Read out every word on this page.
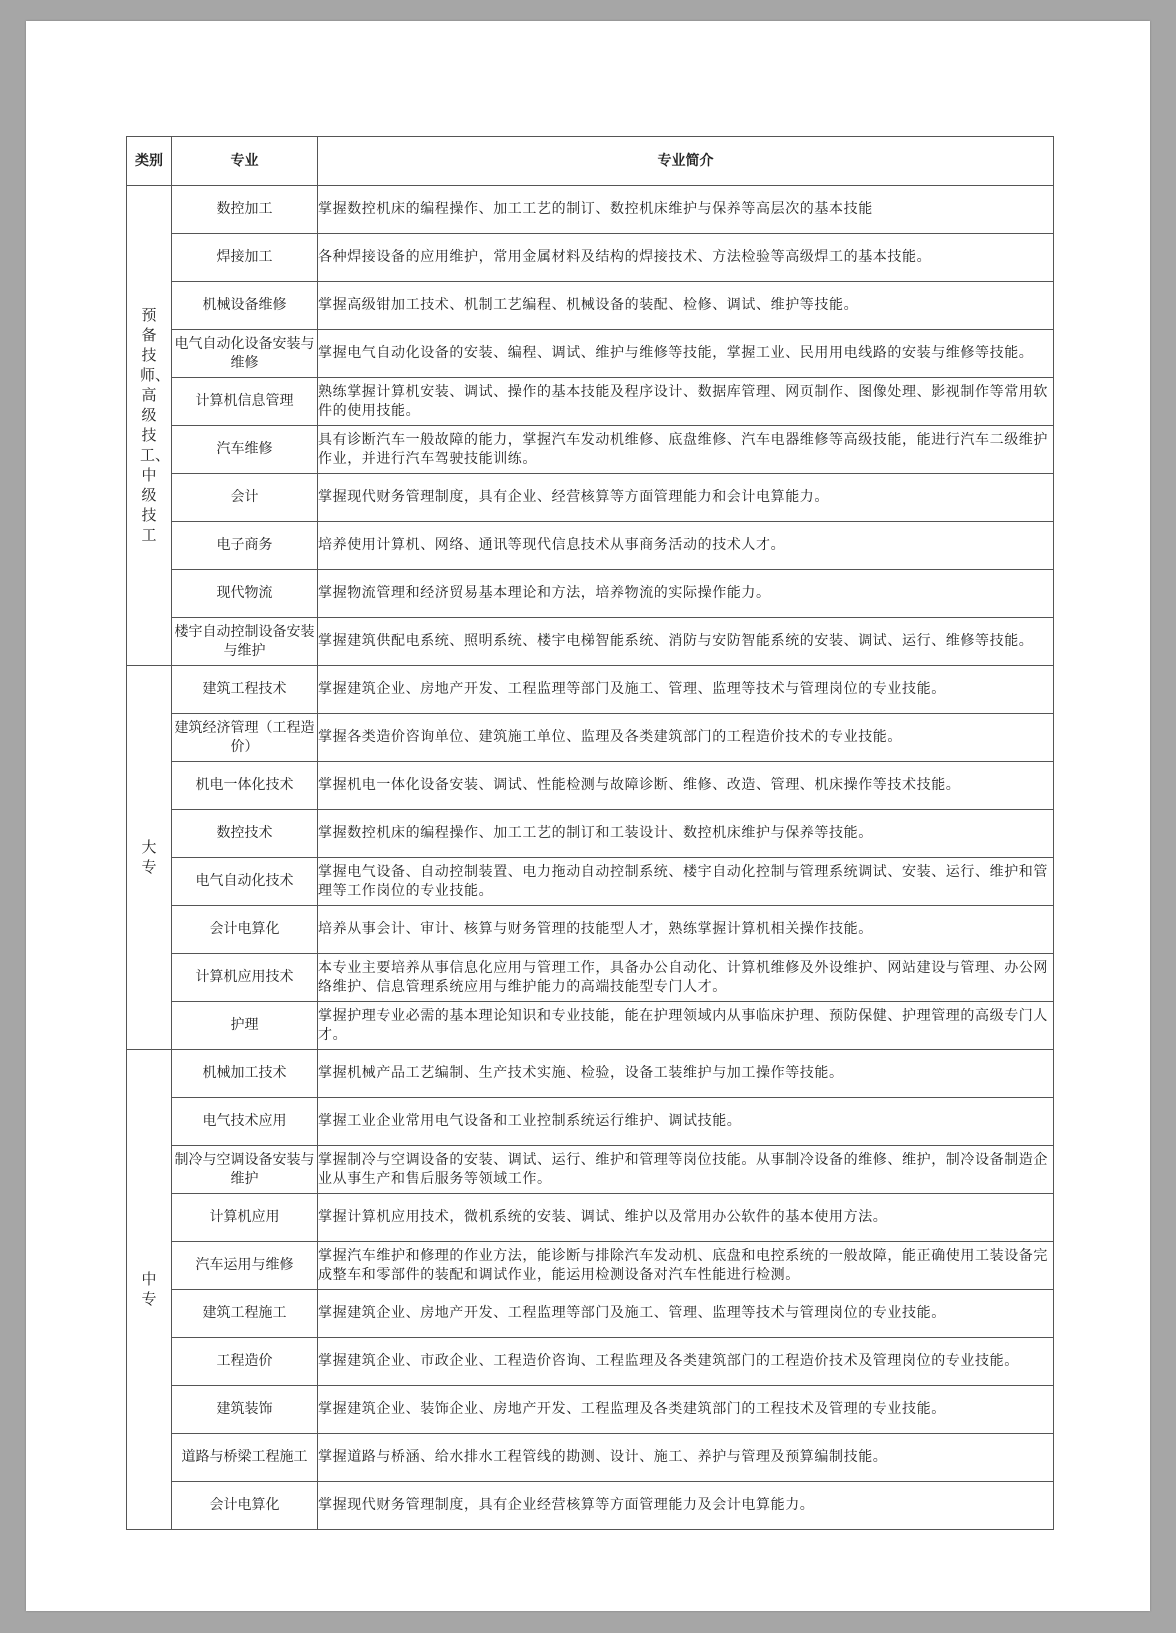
类别	专业	专业简介
预备技师、高级技工、中级技工	数控加工	掌握数控机床的编程操作、加工工艺的制订、数控机床维护与保养等高层次的基本技能
	焊接加工	各种焊接设备的应用维护，常用金属材料及结构的焊接技术、方法检验等高级焊工的基本技能。
	机械设备维修	掌握高级钳加工技术、机制工艺编程、机械设备的装配、检修、调试、维护等技能。
	电气自动化设备安装与维修	掌握电气自动化设备的安装、编程、调试、维护与维修等技能，掌握工业、民用用电线路的安装与维修等技能。
	计算机信息管理	熟练掌握计算机安装、调试、操作的基本技能及程序设计、数据库管理、网页制作、图像处理、影视制作等常用软件的使用技能。
	汽车维修	具有诊断汽车一般故障的能力，掌握汽车发动机维修、底盘维修、汽车电器维修等高级技能，能进行汽车二级维护作业，并进行汽车驾驶技能训练。
	会计	掌握现代财务管理制度，具有企业、经营核算等方面管理能力和会计电算能力。
	电子商务	培养使用计算机、网络、通讯等现代信息技术从事商务活动的技术人才。
	现代物流	掌握物流管理和经济贸易基本理论和方法，培养物流的实际操作能力。
	楼宇自动控制设备安装与维护	掌握建筑供配电系统、照明系统、楼宇电梯智能系统、消防与安防智能系统的安装、调试、运行、维修等技能。
大专	建筑工程技术	掌握建筑企业、房地产开发、工程监理等部门及施工、管理、监理等技术与管理岗位的专业技能。
	建筑经济管理（工程造价）	掌握各类造价咨询单位、建筑施工单位、监理及各类建筑部门的工程造价技术的专业技能。
	机电一体化技术	掌握机电一体化设备安装、调试、性能检测与故障诊断、维修、改造、管理、机床操作等技术技能。
	数控技术	掌握数控机床的编程操作、加工工艺的制订和工装设计、数控机床维护与保养等技能。
	电气自动化技术	掌握电气设备、自动控制装置、电力拖动自动控制系统、楼宇自动化控制与管理系统调试、安装、运行、维护和管理等工作岗位的专业技能。
	会计电算化	培养从事会计、审计、核算与财务管理的技能型人才，熟练掌握计算机相关操作技能。
	计算机应用技术	本专业主要培养从事信息化应用与管理工作，具备办公自动化、计算机维修及外设维护、网站建设与管理、办公网络维护、信息管理系统应用与维护能力的高端技能型专门人才。
	护理	掌握护理专业必需的基本理论知识和专业技能，能在护理领域内从事临床护理、预防保健、护理管理的高级专门人才。
中专	机械加工技术	掌握机械产品工艺编制、生产技术实施、检验，设备工装维护与加工操作等技能。
	电气技术应用	掌握工业企业常用电气设备和工业控制系统运行维护、调试技能。
	制冷与空调设备安装与维护	掌握制冷与空调设备的安装、调试、运行、维护和管理等岗位技能。从事制冷设备的维修、维护，制冷设备制造企业从事生产和售后服务等领域工作。
	计算机应用	掌握计算机应用技术，微机系统的安装、调试、维护以及常用办公软件的基本使用方法。
	汽车运用与维修	掌握汽车维护和修理的作业方法，能诊断与排除汽车发动机、底盘和电控系统的一般故障，能正确使用工装设备完成整车和零部件的装配和调试作业，能运用检测设备对汽车性能进行检测。
	建筑工程施工	掌握建筑企业、房地产开发、工程监理等部门及施工、管理、监理等技术与管理岗位的专业技能。
	工程造价	掌握建筑企业、市政企业、工程造价咨询、工程监理及各类建筑部门的工程造价技术及管理岗位的专业技能。
	建筑装饰	掌握建筑企业、装饰企业、房地产开发、工程监理及各类建筑部门的工程技术及管理的专业技能。
	道路与桥梁工程施工	掌握道路与桥涵、给水排水工程管线的勘测、设计、施工、养护与管理及预算编制技能。
	会计电算化	掌握现代财务管理制度，具有企业经营核算等方面管理能力及会计电算能力。
